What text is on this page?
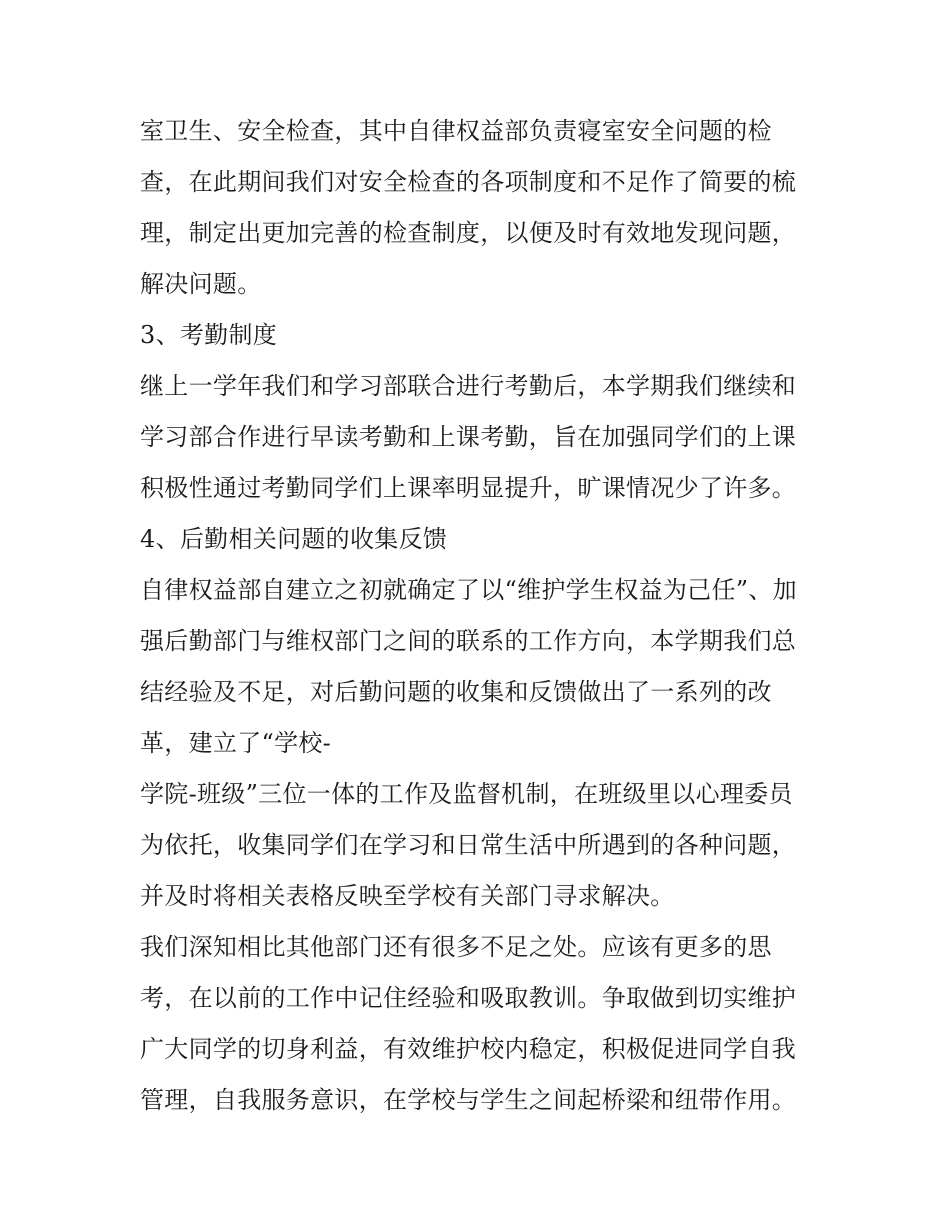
室卫生、安全检查，其中自律权益部负责寝室安全问题的检
查，在此期间我们对安全检查的各项制度和不足作了简要的梳
理，制定出更加完善的检查制度，以便及时有效地发现问题，
解决问题。
3、考勤制度
继上一学年我们和学习部联合进行考勤后，本学期我们继续和
学习部合作进行早读考勤和上课考勤，旨在加强同学们的上课
积极性通过考勤同学们上课率明显提升，旷课情况少了许多。
4、后勤相关问题的收集反馈
自律权益部自建立之初就确定了以“维护学生权益为己任”、加
强后勤部门与维权部门之间的联系的工作方向，本学期我们总
结经验及不足，对后勤问题的收集和反馈做出了一系列的改
革，建立了“学校-
学院-班级”三位一体的工作及监督机制，在班级里以心理委员
为依托，收集同学们在学习和日常生活中所遇到的各种问题，
并及时将相关表格反映至学校有关部门寻求解决。
我们深知相比其他部门还有很多不足之处。应该有更多的思
考，在以前的工作中记住经验和吸取教训。争取做到切实维护
广大同学的切身利益，有效维护校内稳定，积极促进同学自我
管理，自我服务意识，在学校与学生之间起桥梁和纽带作用。
